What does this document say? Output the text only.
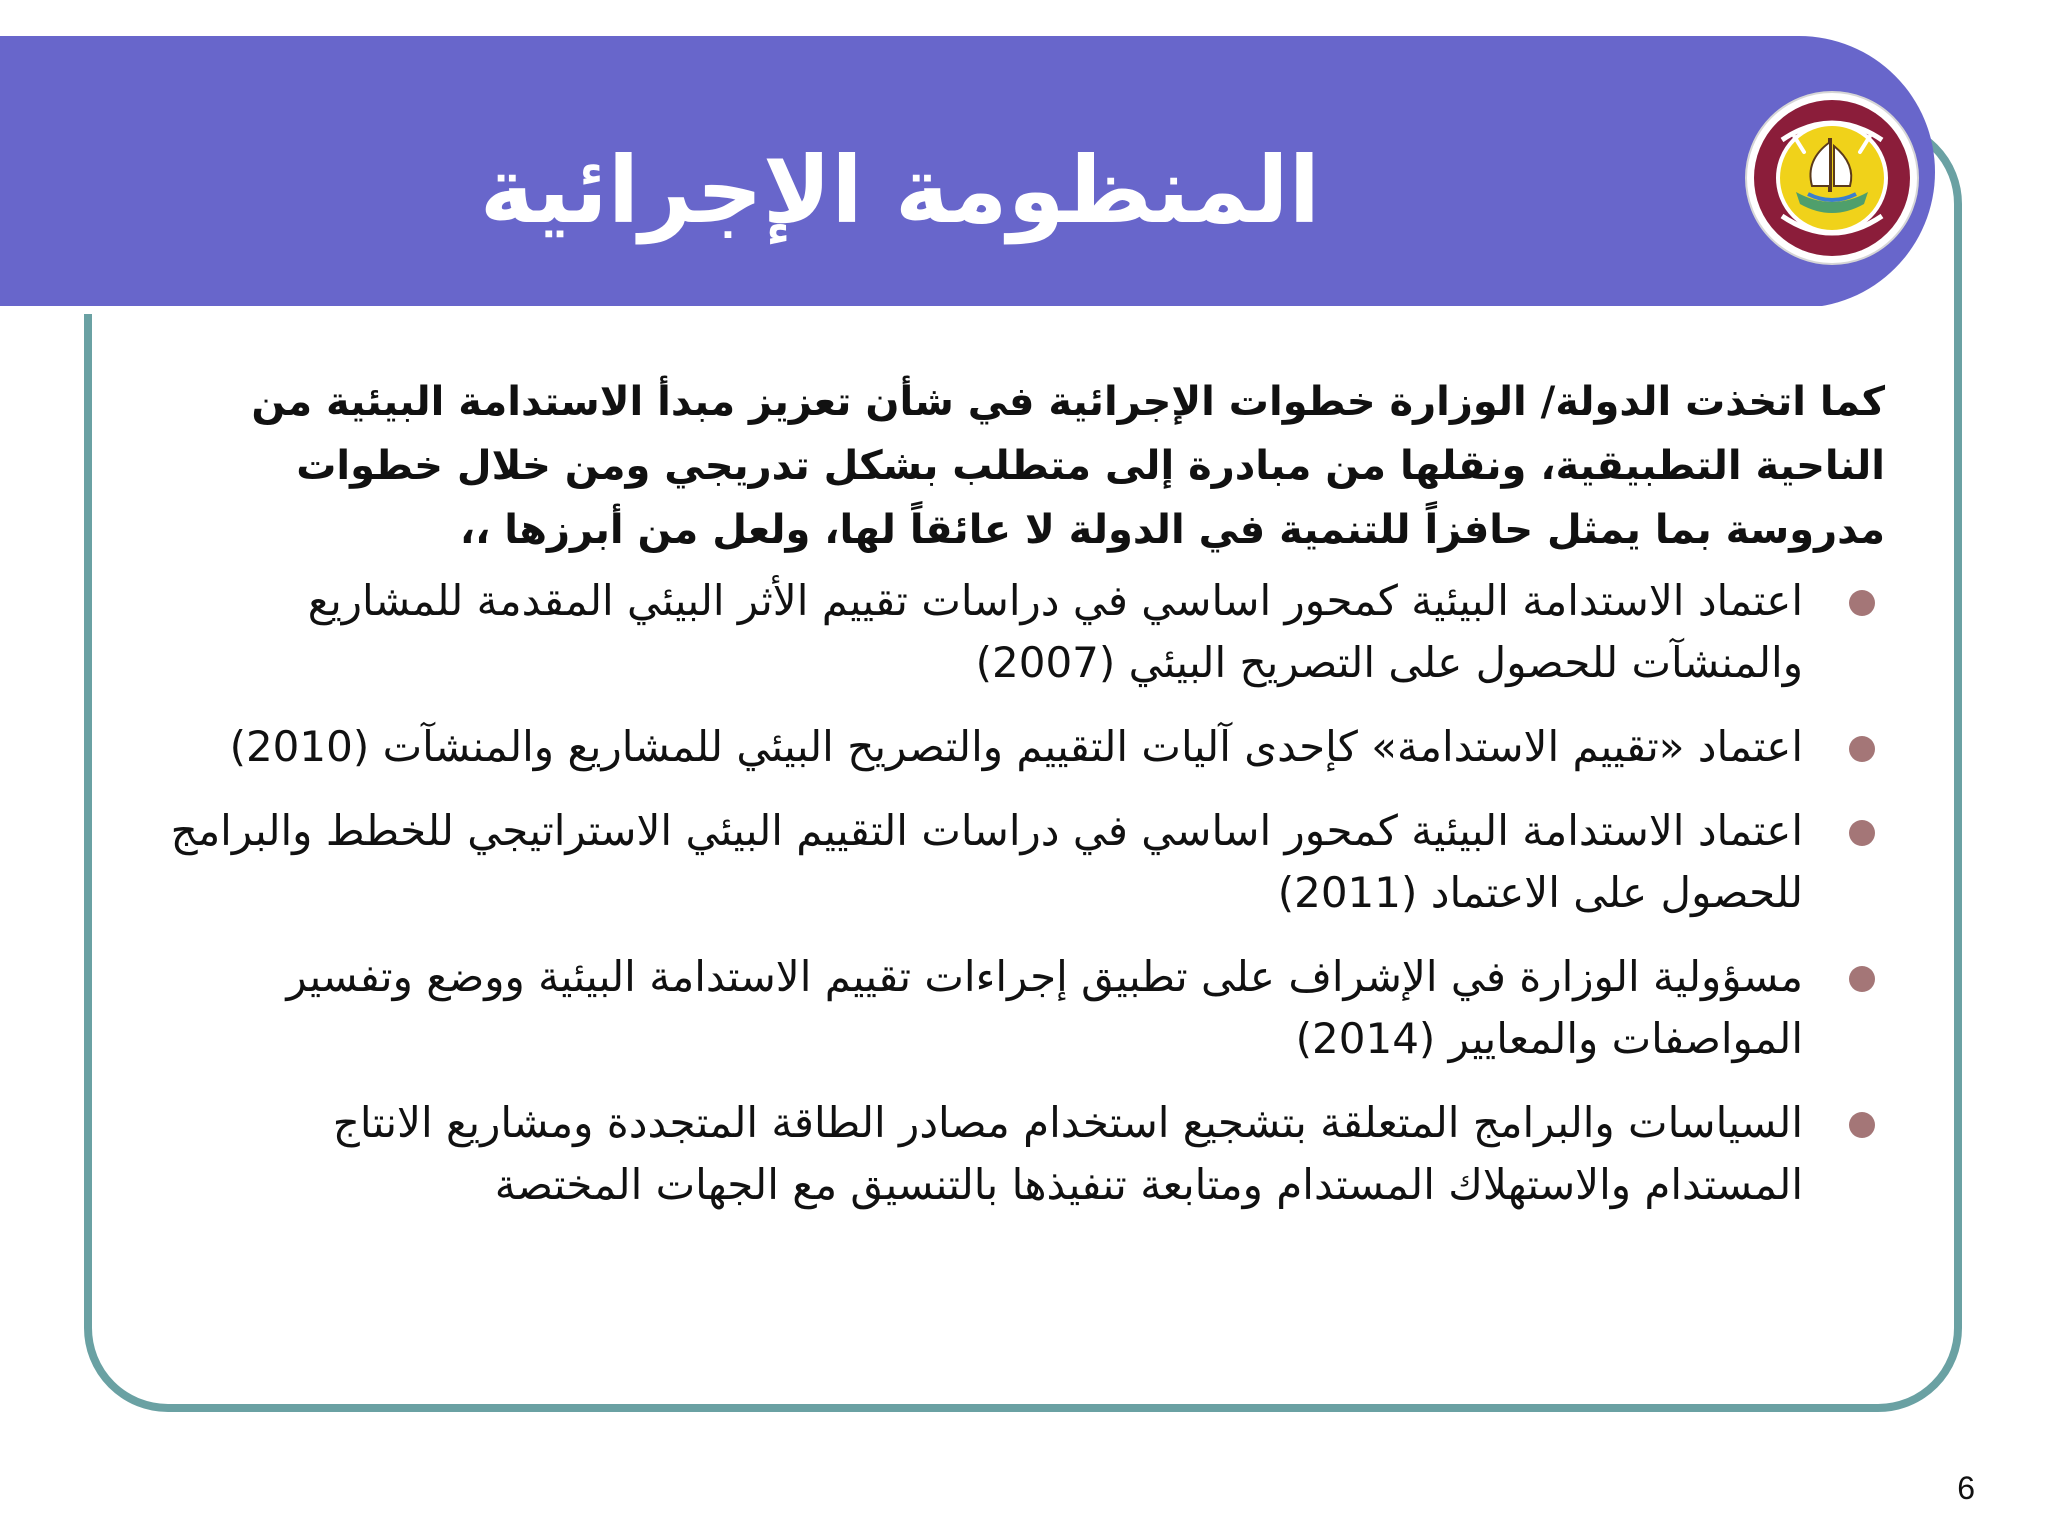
المنظومة الإجرائية

كما اتخذت الدولة/ الوزارة خطوات الإجرائية في شأن تعزيز مبدأ الاستدامة البيئية من الناحية التطبيقية، ونقلها من مبادرة إلى متطلب بشكل تدريجي ومن خلال خطوات مدروسة بما يمثل حافزاً للتنمية في الدولة لا عائقاً لها، ولعل من أبرزها ،،

اعتماد الاستدامة البيئية كمحور اساسي في دراسات تقييم الأثر البيئي المقدمة للمشاريع والمنشآت للحصول على التصريح البيئي (2007)
اعتماد «تقييم الاستدامة» كإحدى آليات التقييم والتصريح البيئي للمشاريع والمنشآت (2010)
اعتماد الاستدامة البيئية كمحور اساسي في دراسات التقييم البيئي الاستراتيجي للخطط والبرامج للحصول على الاعتماد (2011)
مسؤولية الوزارة في الإشراف على تطبيق إجراءات تقييم الاستدامة البيئية ووضع وتفسير المواصفات والمعايير (2014)
السياسات والبرامج المتعلقة بتشجيع استخدام مصادر الطاقة المتجددة ومشاريع الانتاج المستدام والاستهلاك المستدام ومتابعة تنفيذها بالتنسيق مع الجهات المختصة
6
